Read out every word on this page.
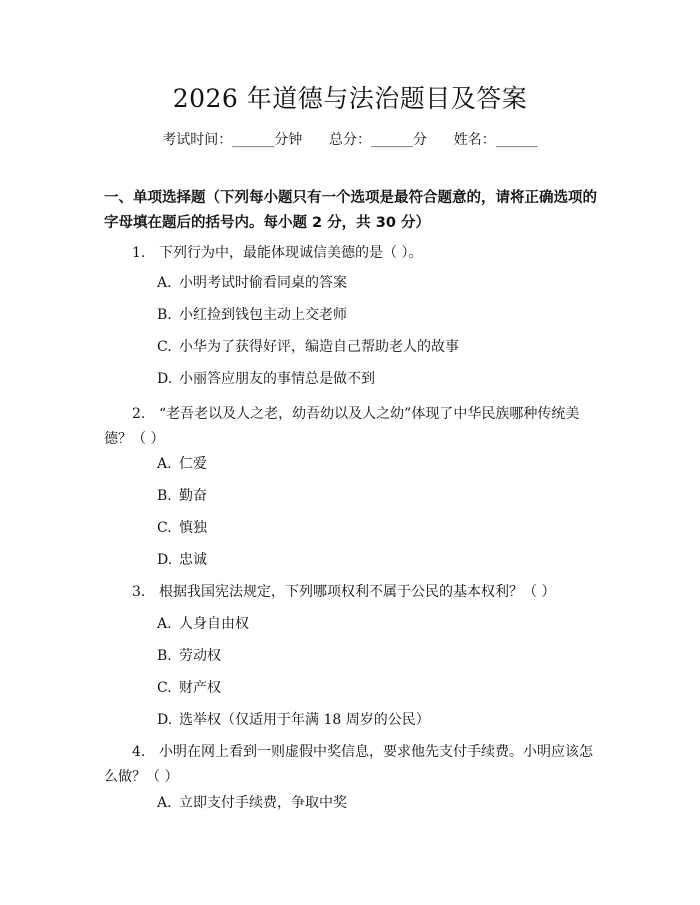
2026 年道德与法治题目及答案
考试时间：______分钟      总分：______分      姓名：______
一、单项选择题（下列每小题只有一个选项是最符合题意的，请将正确选项的字母填在题后的括号内。每小题 2 分，共 30 分）
1. 下列行为中，最能体现诚信美德的是（ ）。
A. 小明考试时偷看同桌的答案
B. 小红捡到钱包主动上交老师
C. 小华为了获得好评，编造自己帮助老人的故事
D. 小丽答应朋友的事情总是做不到
2. “老吾老以及人之老，幼吾幼以及人之幼”体现了中华民族哪种传统美德？（ ）
A. 仁爱
B. 勤奋
C. 慎独
D. 忠诚
3. 根据我国宪法规定，下列哪项权利不属于公民的基本权利？（ ）
A. 人身自由权
B. 劳动权
C. 财产权
D. 选举权（仅适用于年满 18 周岁的公民）
4. 小明在网上看到一则虚假中奖信息，要求他先支付手续费。小明应该怎么做？（ ）
A. 立即支付手续费，争取中奖
